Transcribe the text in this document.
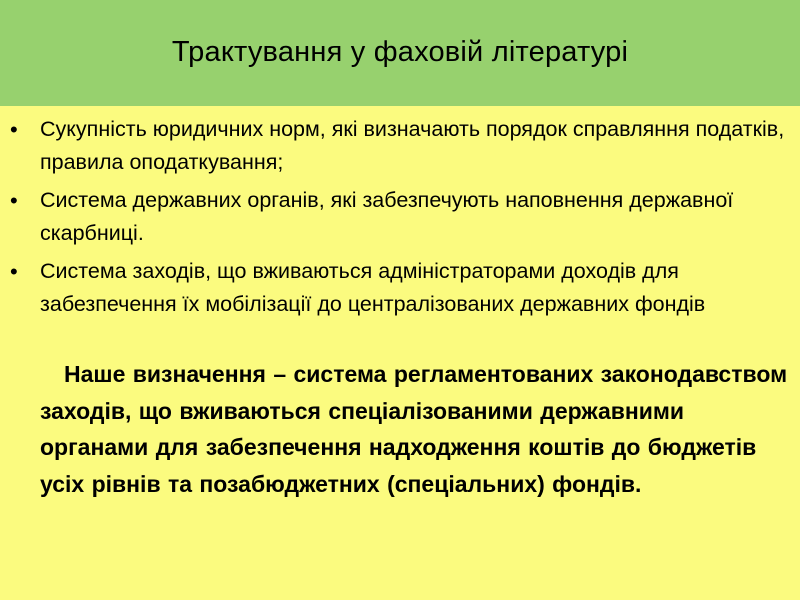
Трактування у фаховій літературі
• Сукупність юридичних норм, які визначають порядок справляння податків, правила оподаткування;
• Система державних органів, які забезпечують наповнення державної скарбниці.
• Система заходів, що вживаються адміністраторами доходів для забезпечення їх мобілізації до централізованих державних фондів
Наше визначення – система регламентованих законодавством заходів, що вживаються спеціалізованими державними органами для забезпечення надходження коштів до бюджетів усіх рівнів та позабюджетних (спеціальних) фондів.
